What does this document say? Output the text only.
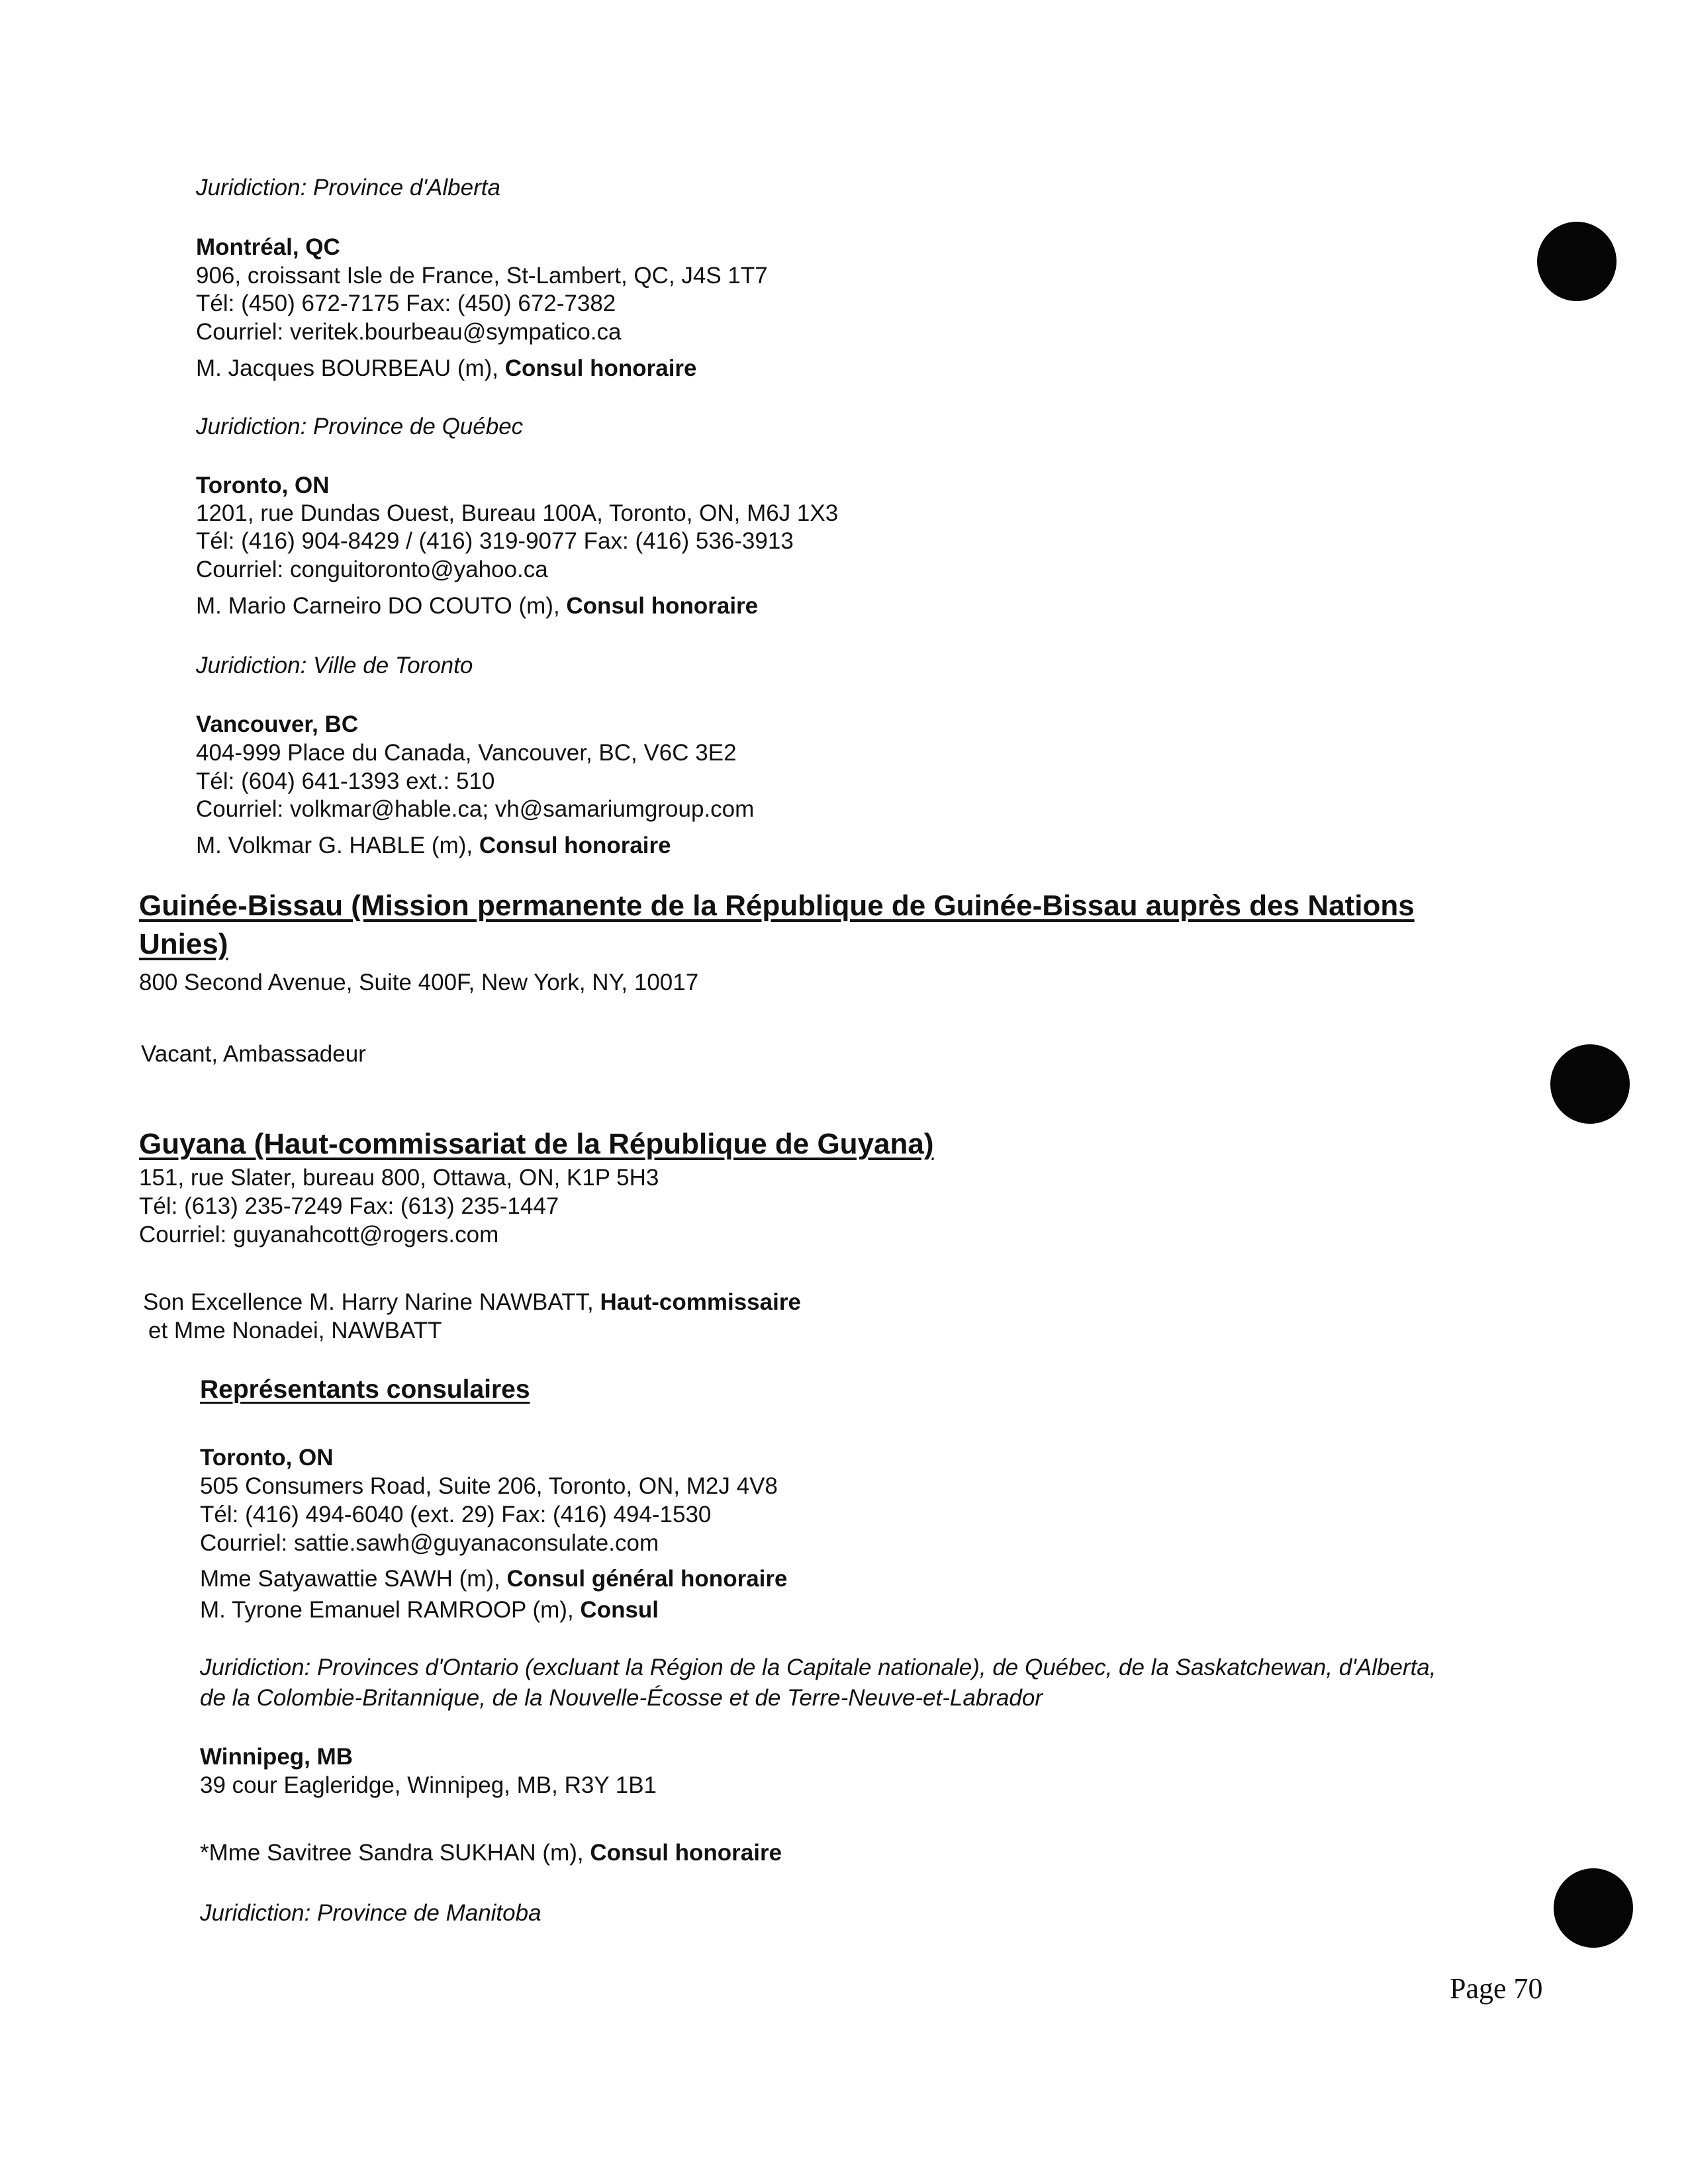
Juridiction: Province d'Alberta
Montréal, QC
906, croissant Isle de France, St-Lambert, QC, J4S 1T7
Tél: (450) 672-7175 Fax: (450) 672-7382
Courriel: veritek.bourbeau@sympatico.ca
M. Jacques BOURBEAU (m), Consul honoraire
Juridiction: Province de Québec
Toronto, ON
1201, rue Dundas Ouest, Bureau 100A, Toronto, ON, M6J 1X3
Tél: (416) 904-8429 / (416) 319-9077 Fax: (416) 536-3913
Courriel: conguitoronto@yahoo.ca
M. Mario Carneiro DO COUTO (m), Consul honoraire
Juridiction: Ville de Toronto
Vancouver, BC
404-999 Place du Canada, Vancouver, BC, V6C 3E2
Tél: (604) 641-1393 ext.: 510
Courriel: volkmar@hable.ca; vh@samariumgroup.com
M. Volkmar G. HABLE (m), Consul honoraire
Guinée-Bissau (Mission permanente de la République de Guinée-Bissau auprès des Nations
Unies)
800 Second Avenue, Suite 400F, New York, NY, 10017
Vacant, Ambassadeur
Guyana (Haut-commissariat de la République de Guyana)
151, rue Slater, bureau 800, Ottawa, ON, K1P 5H3
Tél: (613) 235-7249 Fax: (613) 235-1447
Courriel: guyanahcott@rogers.com
Son Excellence M. Harry Narine NAWBATT, Haut-commissaire
et Mme Nonadei, NAWBATT
Représentants consulaires
Toronto, ON
505 Consumers Road, Suite 206, Toronto, ON, M2J 4V8
Tél: (416) 494-6040 (ext. 29) Fax: (416) 494-1530
Courriel: sattie.sawh@guyanaconsulate.com
Mme Satyawattie SAWH (m), Consul général honoraire
M. Tyrone Emanuel RAMROOP (m), Consul
Juridiction: Provinces d'Ontario (excluant la Région de la Capitale nationale), de Québec, de la Saskatchewan, d'Alberta,
de la Colombie-Britannique, de la Nouvelle-Écosse et de Terre-Neuve-et-Labrador
Winnipeg, MB
39 cour Eagleridge, Winnipeg, MB, R3Y 1B1
*Mme Savitree Sandra SUKHAN (m), Consul honoraire
Juridiction: Province de Manitoba
Page 70
